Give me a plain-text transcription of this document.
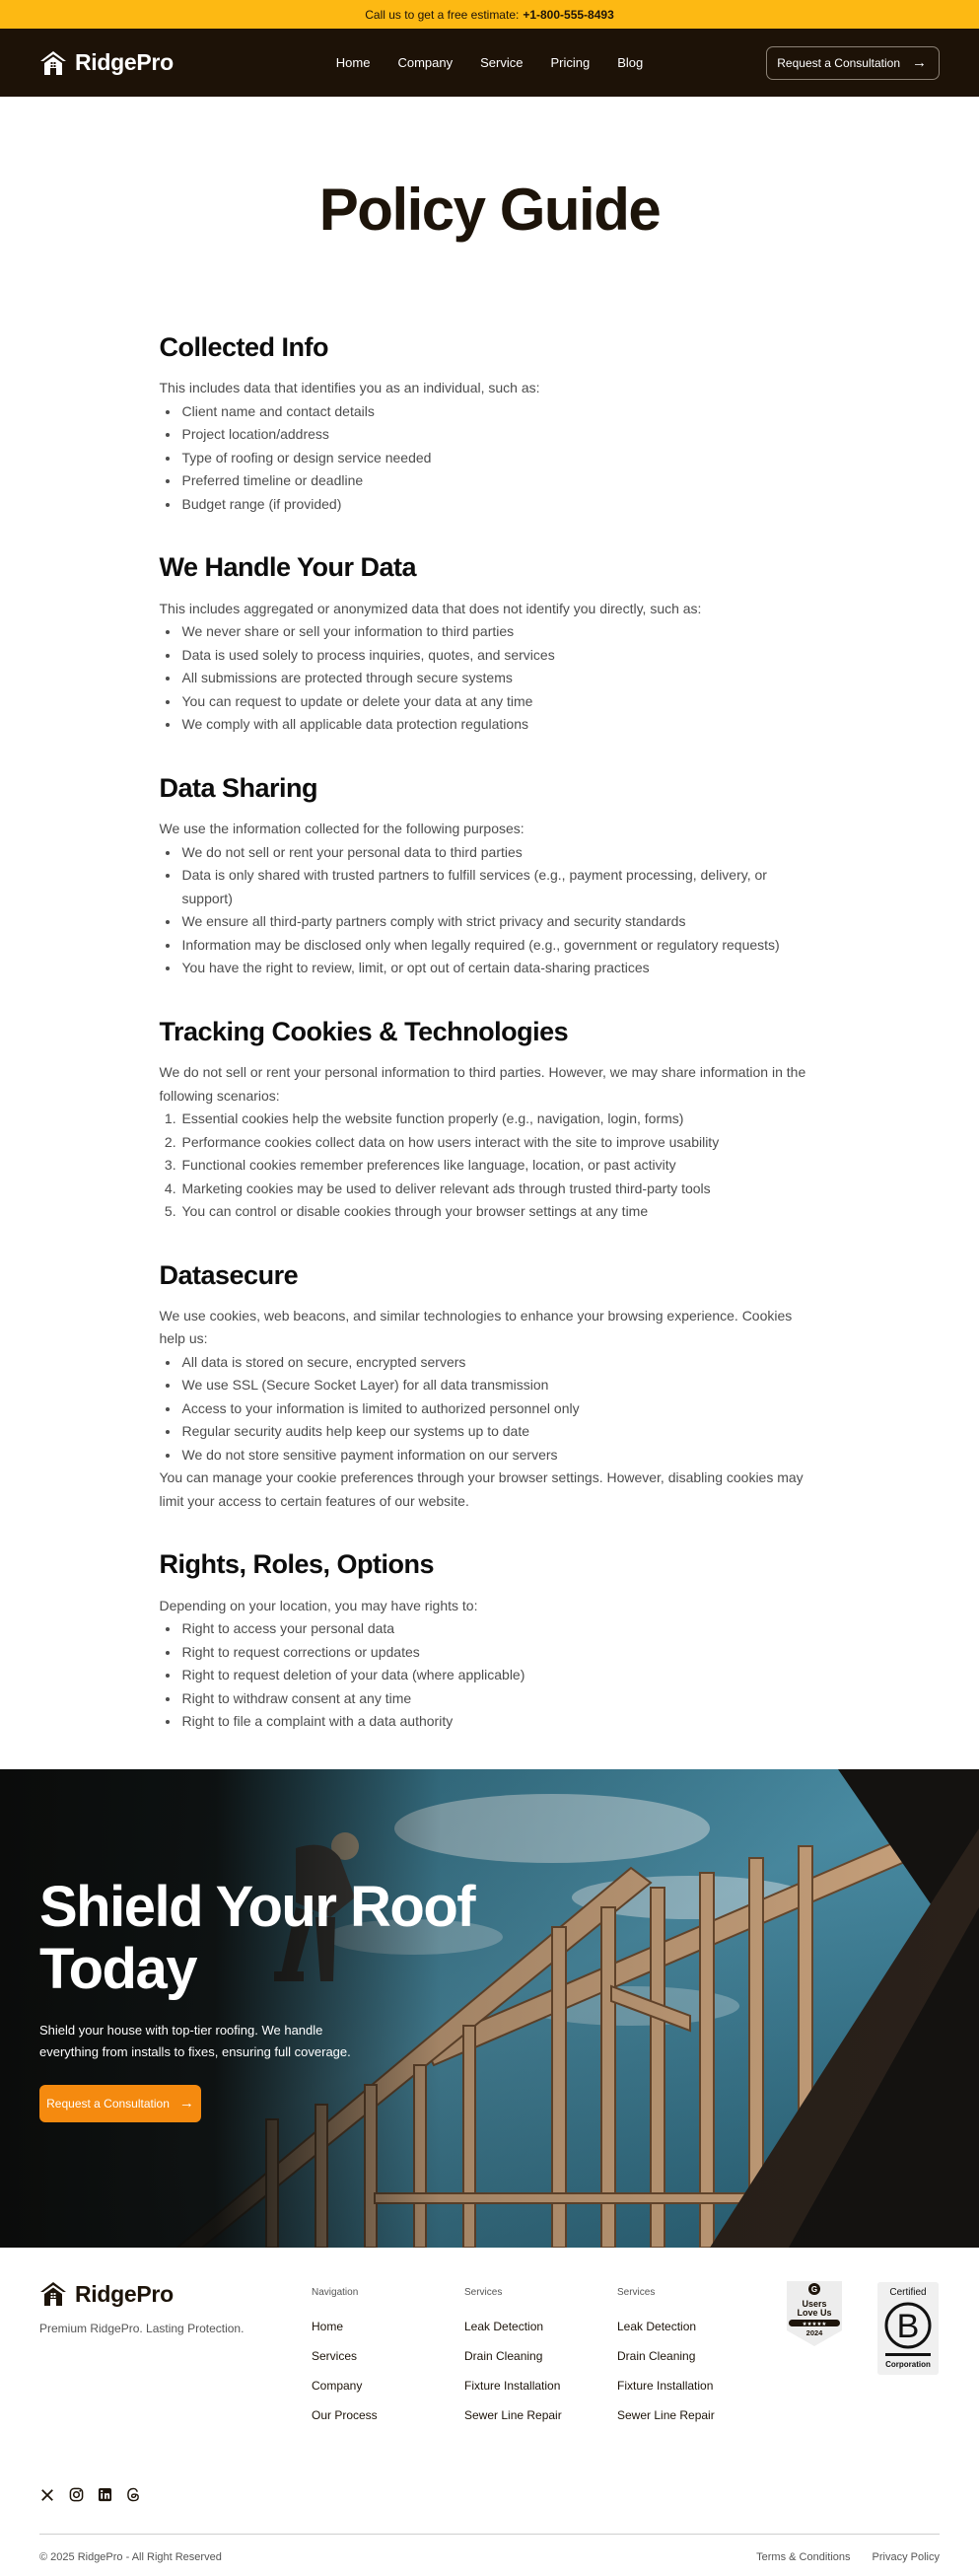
Call us to get a free estimate: +1-800-555-8493
RidgePro	Home Company Service Pricing Blog	Request a Consultation →
Policy Guide
Collected Info

This includes data that identifies you as an individual, such as:

• Client name and contact details
• Project location/address
• Type of roofing or design service needed
• Preferred timeline or deadline
• Budget range (if provided)
We Handle Your Data

This includes aggregated or anonymized data that does not identify you directly, such as:

• We never share or sell your information to third parties
• Data is used solely to process inquiries, quotes, and services
• All submissions are protected through secure systems
• You can request to update or delete your data at any time
• We comply with all applicable data protection regulations
Data Sharing

We use the information collected for the following purposes:

• We do not sell or rent your personal data to third parties
• Data is only shared with trusted partners to fulfill services (e.g., payment processing, delivery, or support)
• We ensure all third-party partners comply with strict privacy and security standards
• Information may be disclosed only when legally required (e.g., government or regulatory requests)
• You have the right to review, limit, or opt out of certain data-sharing practices
Tracking Cookies & Technologies

We do not sell or rent your personal information to third parties. However, we may share information in the following scenarios:

1. Essential cookies help the website function properly (e.g., navigation, login, forms)
2. Performance cookies collect data on how users interact with the site to improve usability
3. Functional cookies remember preferences like language, location, or past activity
4. Marketing cookies may be used to deliver relevant ads through trusted third-party tools
5. You can control or disable cookies through your browser settings at any time
Datasecure

We use cookies, web beacons, and similar technologies to enhance your browsing experience. Cookies help us:

• All data is stored on secure, encrypted servers
• We use SSL (Secure Socket Layer) for all data transmission
• Access to your information is limited to authorized personnel only
• Regular security audits help keep our systems up to date
• We do not store sensitive payment information on our servers

You can manage your cookie preferences through your browser settings. However, disabling cookies may limit your access to certain features of our website.

Rights, Roles, Options

Depending on your location, you may have rights to:

• Right to access your personal data
• Right to request corrections or updates
• Right to request deletion of your data (where applicable)
• Right to withdraw consent at any time
• Right to file a complaint with a data authority
Shield Your Roof
Today

Shield your house with top-tier roofing. We handle everything from installs to fixes, ensuring full coverage.

Request a Consultation →
RidgePro

Premium RidgePro. Lasting Protection.

Navigation
Home
Services
Company
Our Process
Services
Leak Detection
Drain Cleaning
Fixture Installation
Sewer Line Repair
Services
Leak Detection
Drain Cleaning
Fixture Installation
Sewer Line Repair
G
Users
Love Us
★★★★★
2024
Certified
B
Corporation

© 2025 RidgePro - All Right Reserved	Terms & Conditions Privacy Policy
